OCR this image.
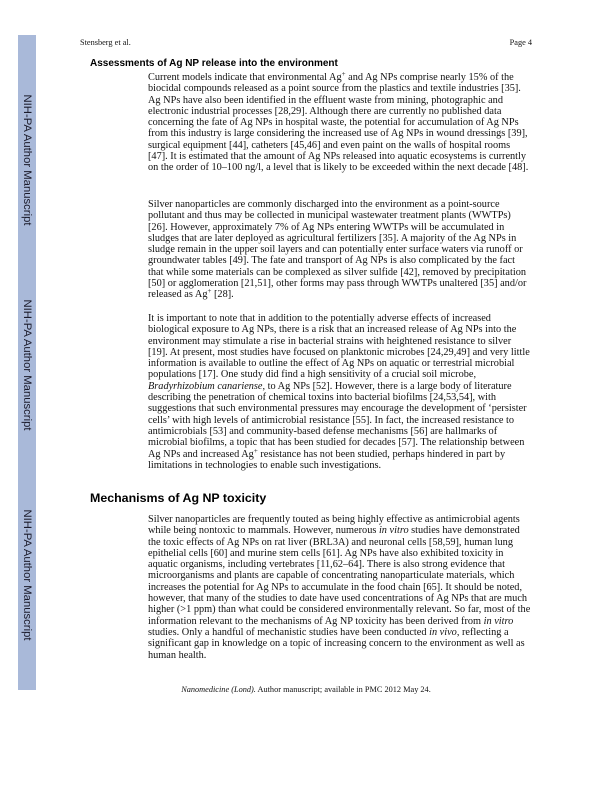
NIH-PA Author Manuscript
NIH-PA Author Manuscript
NIH-PA Author Manuscript
Stensberg et al.	Page 4
Assessments of Ag NP release into the environment
Current models indicate that environmental Ag+ and Ag NPs comprise nearly 15% of the
biocidal compounds released as a point source from the plastics and textile industries [35].
Ag NPs have also been identified in the effluent waste from mining, photographic and
electronic industrial processes [28,29]. Although there are currently no published data
concerning the fate of Ag NPs in hospital waste, the potential for accumulation of Ag NPs
from this industry is large considering the increased use of Ag NPs in wound dressings [39],
surgical equipment [44], catheters [45,46] and even paint on the walls of hospital rooms
[47]. It is estimated that the amount of Ag NPs released into aquatic ecosystems is currently
on the order of 10–100 ng/l, a level that is likely to be exceeded within the next decade [48].
Silver nanoparticles are commonly discharged into the environment as a point-source
pollutant and thus may be collected in municipal wastewater treatment plants (WWTPs)
[26]. However, approximately 7% of Ag NPs entering WWTPs will be accumulated in
sludges that are later deployed as agricultural fertilizers [35]. A majority of the Ag NPs in
sludge remain in the upper soil layers and can potentially enter surface waters via runoff or
groundwater tables [49]. The fate and transport of Ag NPs is also complicated by the fact
that while some materials can be complexed as silver sulfide [42], removed by precipitation
[50] or agglomeration [21,51], other forms may pass through WWTPs unaltered [35] and/or
released as Ag+ [28].
It is important to note that in addition to the potentially adverse effects of increased
biological exposure to Ag NPs, there is a risk that an increased release of Ag NPs into the
environment may stimulate a rise in bacterial strains with heightened resistance to silver
[19]. At present, most studies have focused on planktonic microbes [24,29,49] and very little
information is available to outline the effect of Ag NPs on aquatic or terrestrial microbial
populations [17]. One study did find a high sensitivity of a crucial soil microbe,
Bradyrhizobium canariense, to Ag NPs [52]. However, there is a large body of literature
describing the penetration of chemical toxins into bacterial biofilms [24,53,54], with
suggestions that such environmental pressures may encourage the development of ‘persister
cells’ with high levels of antimicrobial resistance [55]. In fact, the increased resistance to
antimicrobials [53] and community-based defense mechanisms [56] are hallmarks of
microbial biofilms, a topic that has been studied for decades [57]. The relationship between
Ag NPs and increased Ag+ resistance has not been studied, perhaps hindered in part by
limitations in technologies to enable such investigations.
Mechanisms of Ag NP toxicity
Silver nanoparticles are frequently touted as being highly effective as antimicrobial agents
while being nontoxic to mammals. However, numerous in vitro studies have demonstrated
the toxic effects of Ag NPs on rat liver (BRL3A) and neuronal cells [58,59], human lung
epithelial cells [60] and murine stem cells [61]. Ag NPs have also exhibited toxicity in
aquatic organisms, including vertebrates [11,62–64]. There is also strong evidence that
microorganisms and plants are capable of concentrating nanoparticulate materials, which
increases the potential for Ag NPs to accumulate in the food chain [65]. It should be noted,
however, that many of the studies to date have used concentrations of Ag NPs that are much
higher (>1 ppm) than what could be considered environmentally relevant. So far, most of the
information relevant to the mechanisms of Ag NP toxicity has been derived from in vitro
studies. Only a handful of mechanistic studies have been conducted in vivo, reflecting a
significant gap in knowledge on a topic of increasing concern to the environment as well as
human health.
Nanomedicine (Lond). Author manuscript; available in PMC 2012 May 24.
